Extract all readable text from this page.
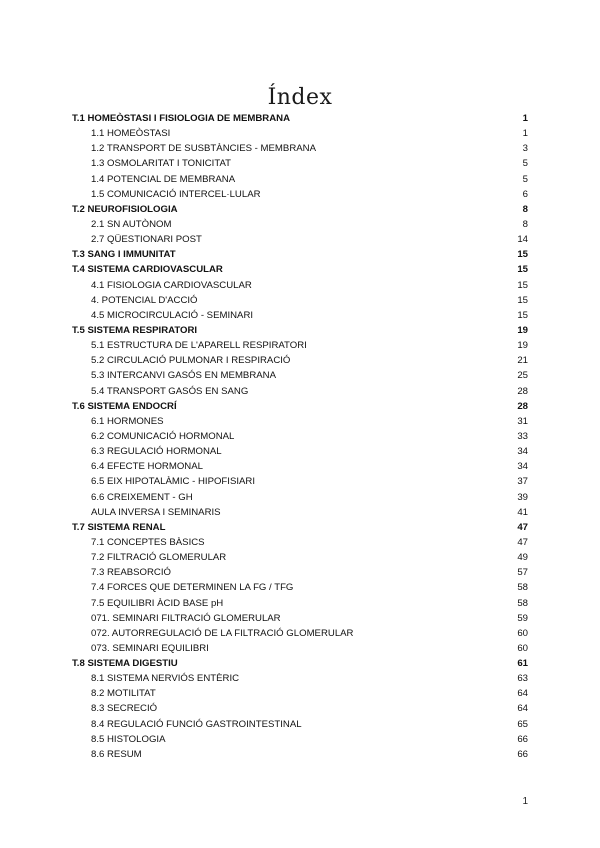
Índex
T.1 HOMEÒSTASI I FISIOLOGIA DE MEMBRANA	1
1.1 HOMEÒSTASI	1
1.2 TRANSPORT DE SUSBTÀNCIES - MEMBRANA	3
1.3 OSMOLARITAT I TONICITAT	5
1.4 POTENCIAL DE MEMBRANA	5
1.5 COMUNICACIÓ INTERCEL·LULAR	6
T.2 NEUROFISIOLOGIA	8
2.1 SN AUTÒNOM	8
2.7 QÜESTIONARI POST	14
T.3 SANG I IMMUNITAT	15
T.4 SISTEMA CARDIOVASCULAR	15
4.1 FISIOLOGIA CARDIOVASCULAR	15
4. POTENCIAL D'ACCIÓ	15
4.5 MICROCIRCULACIÓ - SEMINARI	15
T.5 SISTEMA RESPIRATORI	19
5.1 ESTRUCTURA DE L'APARELL RESPIRATORI	19
5.2 CIRCULACIÓ PULMONAR I RESPIRACIÓ	21
5.3 INTERCANVI GASÓS EN MEMBRANA	25
5.4 TRANSPORT GASÓS EN SANG	28
T.6 SISTEMA ENDOCRÍ	28
6.1 HORMONES	31
6.2 COMUNICACIÓ HORMONAL	33
6.3 REGULACIÓ HORMONAL	34
6.4 EFECTE HORMONAL	34
6.5 EIX HIPOTALÀMIC - HIPOFISIARI	37
6.6 CREIXEMENT - GH	39
AULA INVERSA I SEMINARIS	41
T.7 SISTEMA RENAL	47
7.1 CONCEPTES BÀSICS	47
7.2 FILTRACIÓ GLOMERULAR	49
7.3 REABSORCIÓ	57
7.4 FORCES QUE DETERMINEN LA FG / TFG	58
7.5 EQUILIBRI ÀCID BASE pH	58
071. SEMINARI FILTRACIÓ GLOMERULAR	59
072. AUTORREGULACIÓ DE LA FILTRACIÓ GLOMERULAR	60
073. SEMINARI EQUILIBRI	60
T.8 SISTEMA DIGESTIU	61
8.1 SISTEMA NERVIÓS ENTÈRIC	63
8.2 MOTILITAT	64
8.3 SECRECIÓ	64
8.4 REGULACIÓ FUNCIÓ GASTROINTESTINAL	65
8.5 HISTOLOGIA	66
8.6 RESUM	66
1
